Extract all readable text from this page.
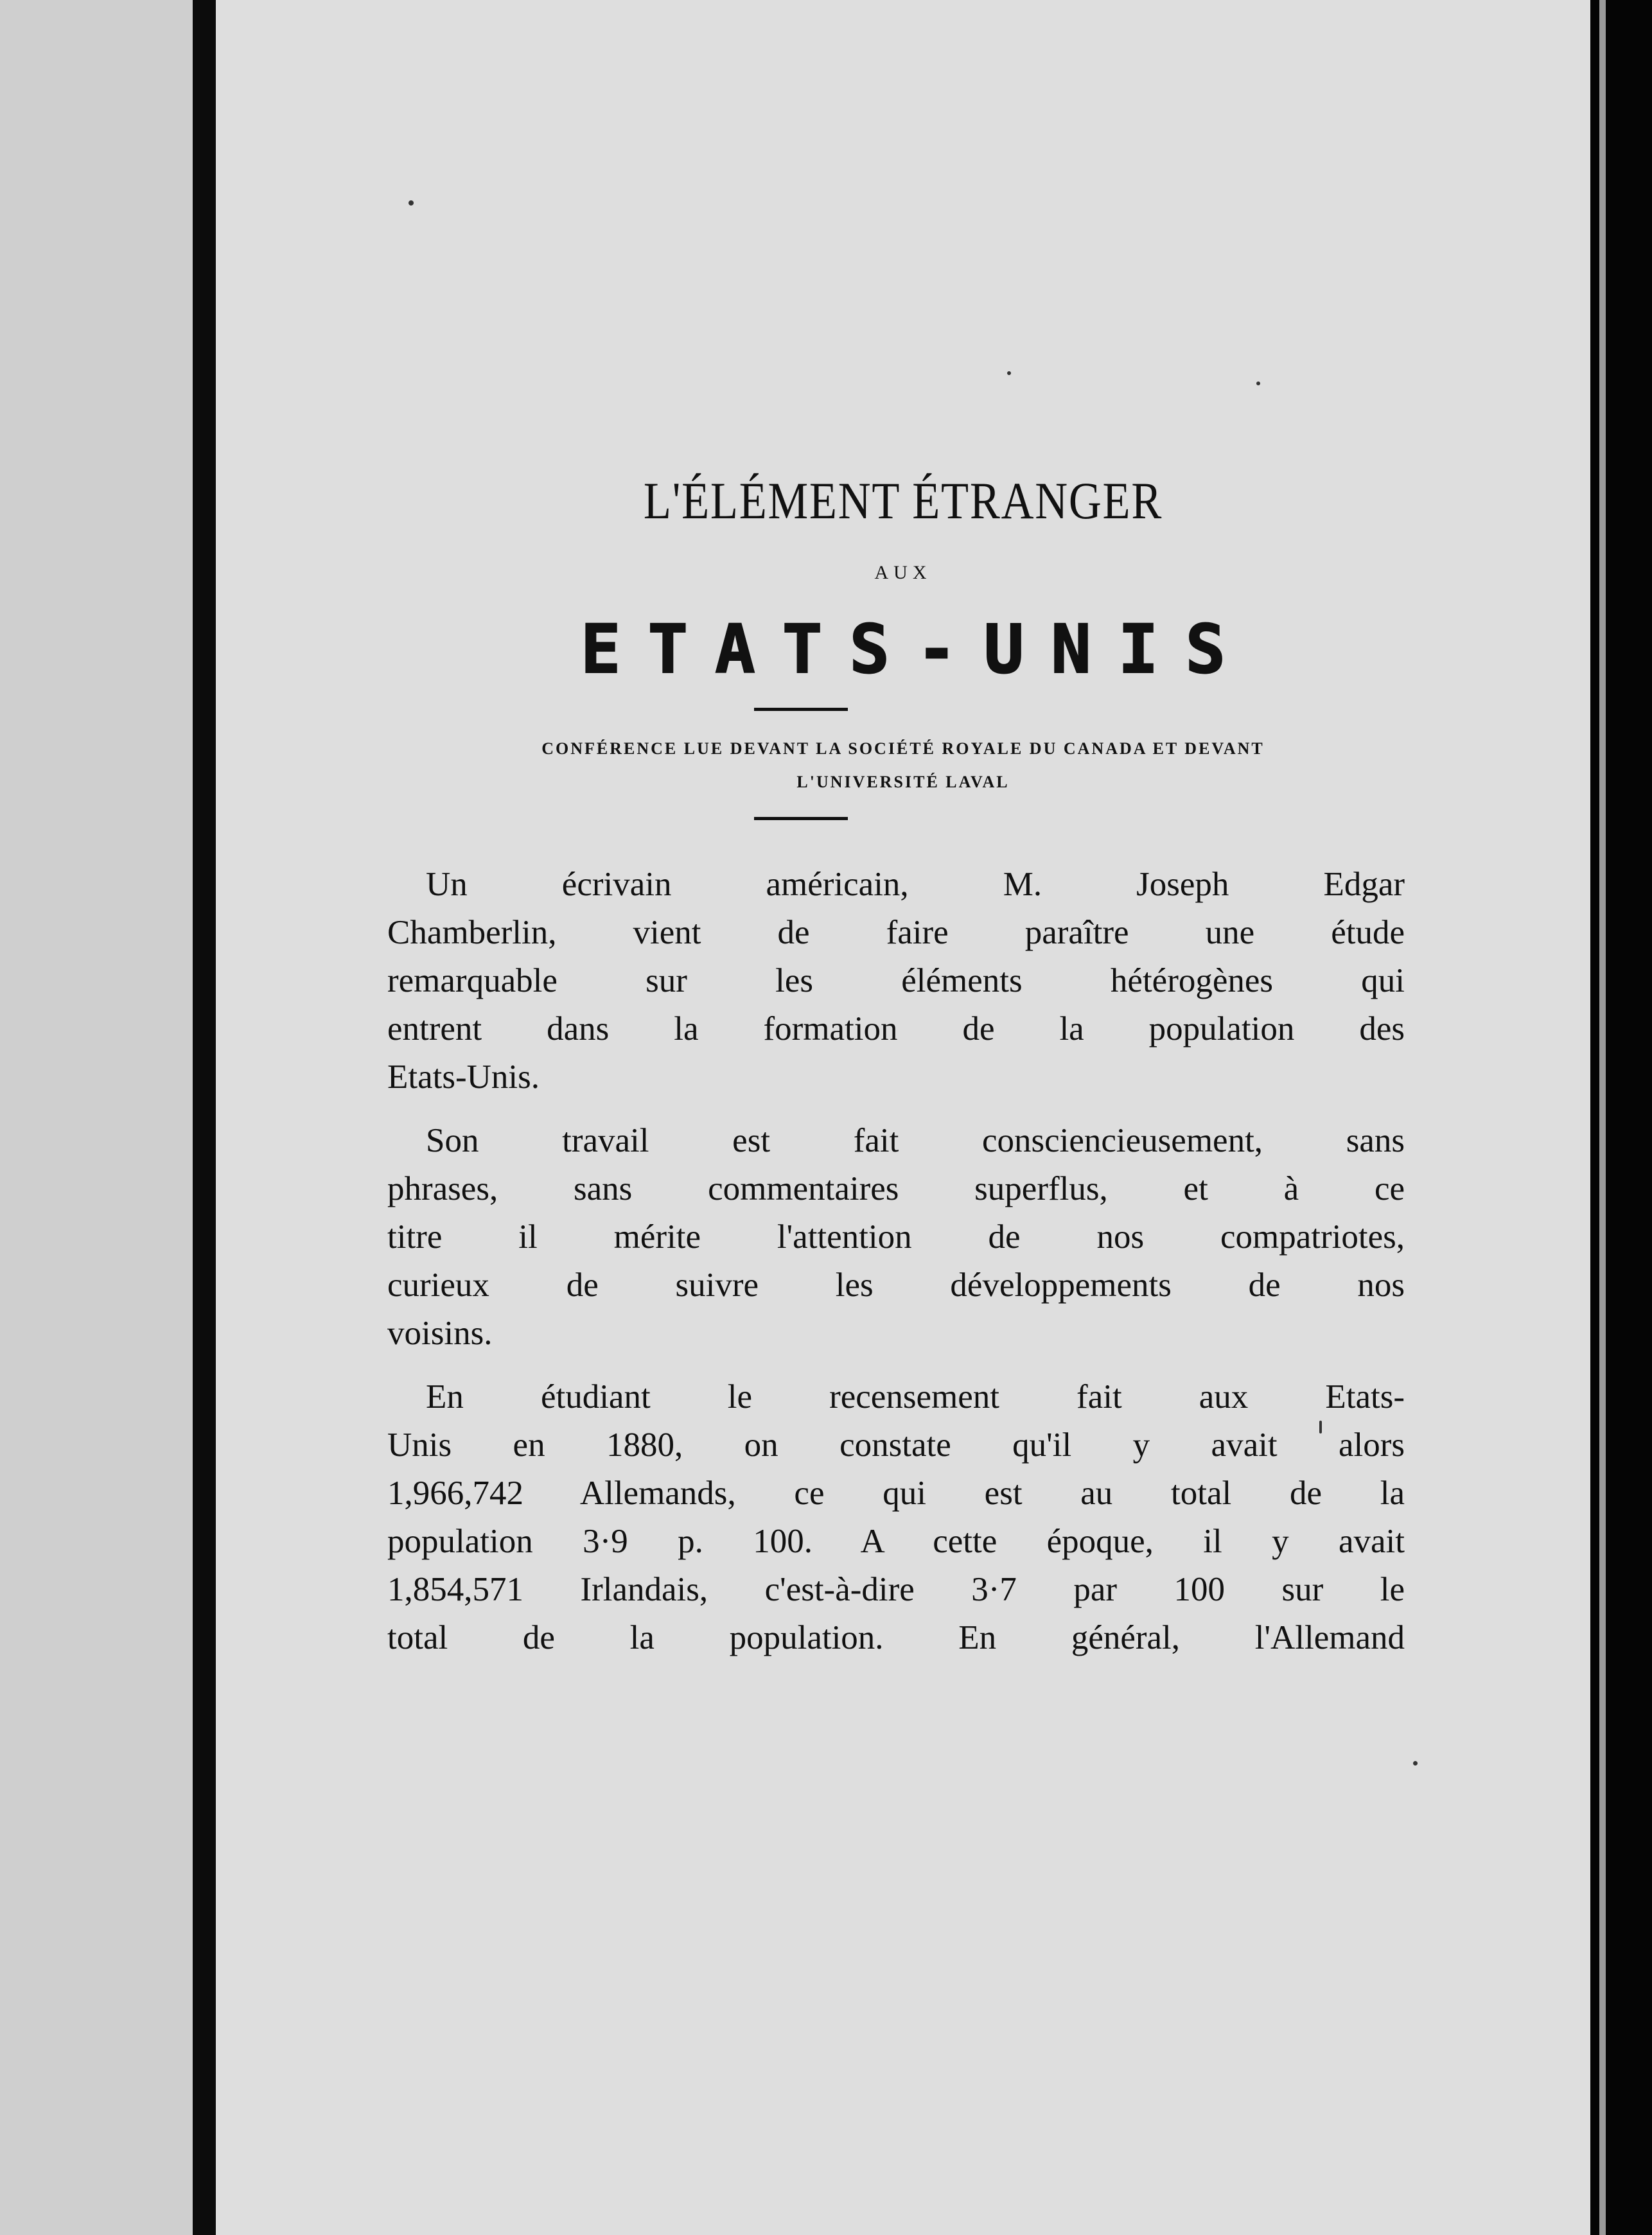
L'ÉLÉMENT ÉTRANGER
AUX
ETATS-UNIS
CONFÉRENCE LUE DEVANT LA SOCIÉTÉ ROYALE DU CANADA ET DEVANT
L'UNIVERSITÉ LAVAL

Un écrivain américain, M. Joseph Edgar
Chamberlin, vient de faire paraître une étude
remarquable sur les éléments hétérogènes qui
entrent dans la formation de la population des
Etats-Unis.

Son travail est fait consciencieusement, sans
phrases, sans commentaires superflus, et à ce
titre il mérite l'attention de nos compatriotes,
curieux de suivre les développements de nos
voisins.

En étudiant le recensement fait aux Etats-
Unis en 1880, on constate qu'il y avait alors
1,966,742 Allemands, ce qui est au total de la
population 3·9 p. 100. A cette époque, il y avait
1,854,571 Irlandais, c'est-à-dire 3·7 par 100 sur le
total de la population. En général, l'Allemand
